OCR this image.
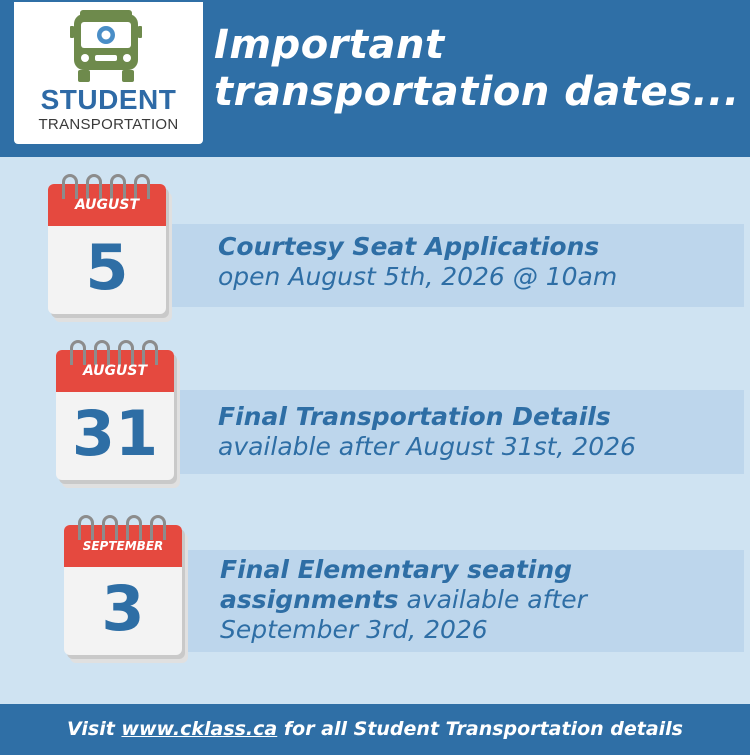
STUDENT
TRANSPORTATION
Important
transportation dates...
AUGUST
5	Courtesy Seat Applications
open August 5th, 2026 @ 10am
AUGUST
31	Final Transportation Details
available after August 31st, 2026
SEPTEMBER
3
Final Elementary seating
assignments available after
September 3rd, 2026
Visit www.cklass.ca for all Student Transportation details
